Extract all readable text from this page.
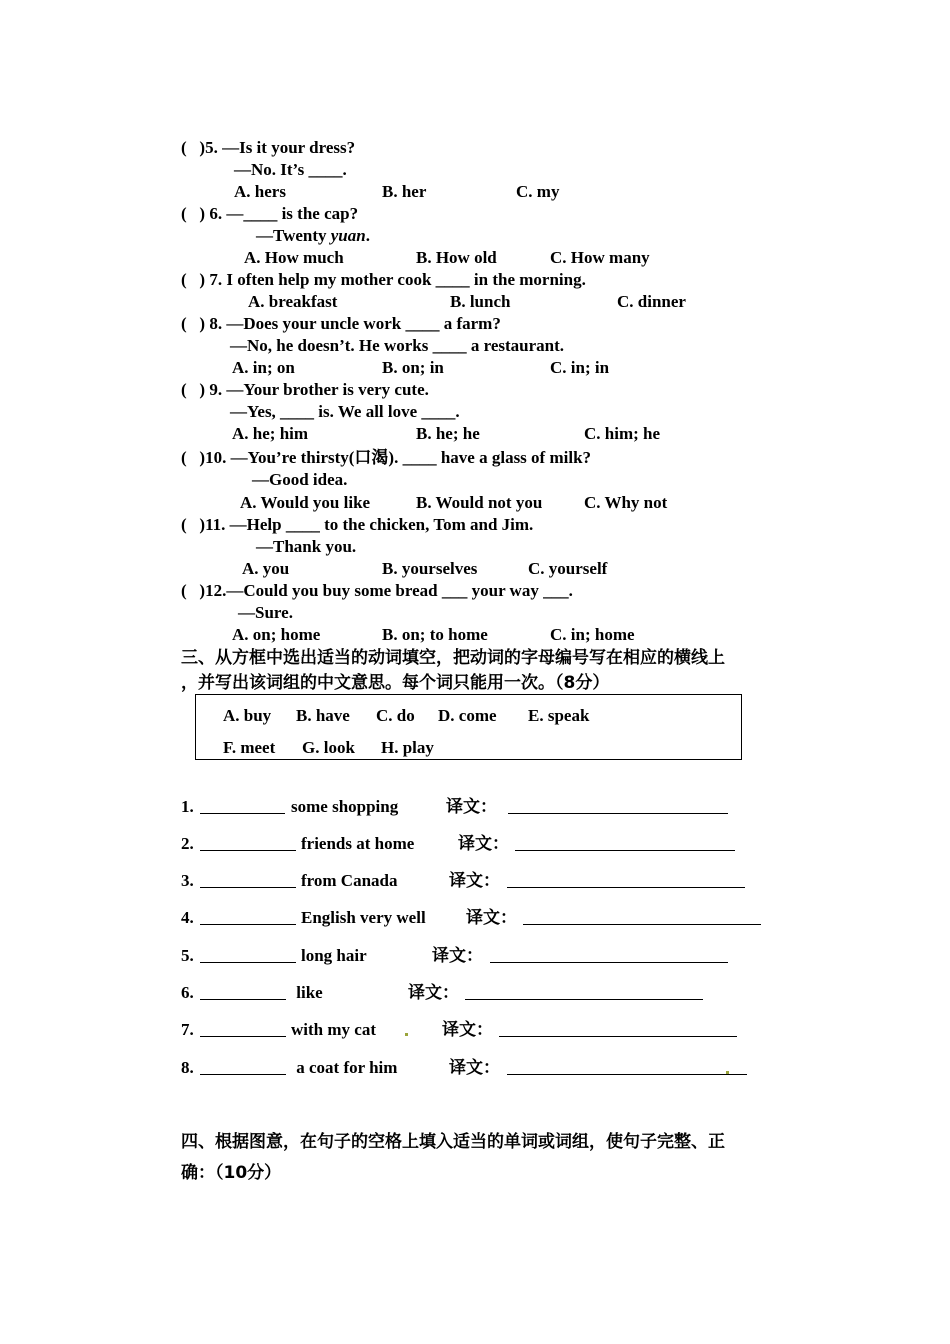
(   )5. —Is it your dress?
—No. It’s ____.
A. hers	B. her	C. my
(   ) 6. —____ is the cap?
—Twenty yuan.
A. How much	B. How old	C. How many
(   ) 7. I often help my mother cook ____ in the morning.
A. breakfast	B. lunch	C. dinner
(   ) 8. —Does your uncle work ____ a farm?
—No, he doesn’t. He works ____ a restaurant.
A. in; on	B. on; in	C. in; in
(   ) 9. —Your brother is very cute.
—Yes, ____ is. We all love ____.
A. he; him	B. he; he	C. him; he
(   )10. —You’re thirsty(口渴). ____ have a glass of milk?
—Good idea.
A. Would you like	B. Would not you C. Why not
(   )11. —Help ____ to the chicken, Tom and Jim.
—Thank you.
A. you	B. yourselves	C. yourself
(   )12.—Could you buy some bread ___ your way ___.
—Sure.
A. on; home	B. on; to home	C. in; home
三、从方框中选出适当的动词填空，把动词的字母编号写在相应的横线上
，并写出该词组的中文意思。每个词只能用一次。（8分）
A. buy B. have C. do D. come E. speak
F. meet G. look H. play
1.	some shopping	译文：
2.	friends at home	译文：
3.	from Canada	译文：
4.	English very well 译文：
5.	long hair	译文：
6.	like	译文：
7.	with my cat	译文：
8.	a coat for him	译文：
四、根据图意，在句子的空格上填入适当的单词或词组，使句子完整、正
确：（10分）
